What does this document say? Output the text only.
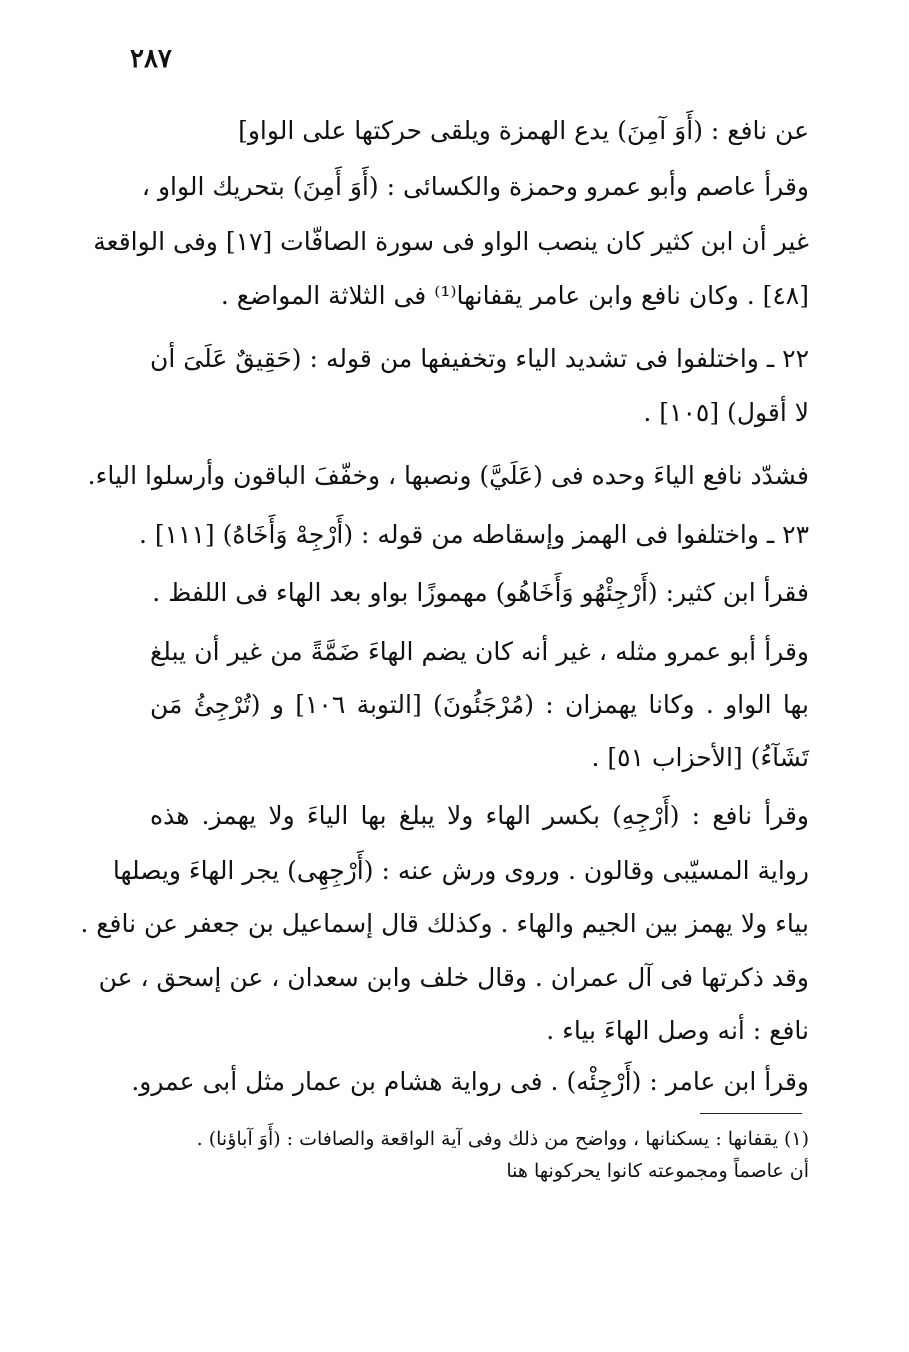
٢٨٧
عن نافع : (أَوَ آمِنَ) يدع الهمزة ويلقى حركتها على الواو]
وقرأ عاصم وأبو عمرو وحمزة والكسائى : (أَوَ أَمِنَ) بتحريك الواو ،
غير أن ابن كثير كان ينصب الواو فى سورة الصافّات [١٧] وفى الواقعة
[٤٨] . وكان نافع وابن عامر يقفانها⁽¹⁾ فى الثلاثة المواضع .
٢٢ ـ واختلفوا فى تشديد الياء وتخفيفها من قوله : (حَقِيقٌ عَلَىَ أن
لا أقول) [١٠٥] .
فشدّد نافع الياءَ وحده فى (عَلَيَّ) ونصبها ، وخفّفَ الباقون وأرسلوا الياء.
٢٣ ـ واختلفوا فى الهمز وإسقاطه من قوله : (أَرْجِهْ وَأَخَاهُ) [١١١] .
فقرأ ابن كثير: (أَرْجِئْهُو وَأَخَاهُو) مهموزًا بواو بعد الهاء فى اللفظ .
وقرأ أبو عمرو مثله ، غير أنه كان يضم الهاءَ ضَمَّةً من غير أن يبلغ
بها الواو . وكانا يهمزان : (مُرْجَئُونَ) [التوبة ١٠٦] و (تُرْجِئُ مَن
تَشَآءُ) [الأحزاب ٥١] .
وقرأ نافع : (أَرْجِهِ) بكسر الهاء ولا يبلغ بها الياءَ ولا يهمز. هذه
رواية المسيّبى وقالون . وروى ورش عنه : (أَرْجِهِى) يجر الهاءَ ويصلها
بياء ولا يهمز بين الجيم والهاء . وكذلك قال إسماعيل بن جعفر عن نافع .
وقد ذكرتها فى آل عمران . وقال خلف وابن سعدان ، عن إسحق ، عن
نافع : أنه وصل الهاءَ بياء .
وقرأ ابن عامر : (أَرْجِئْه) . فى رواية هشام بن عمار مثل أبى عمرو.
(١) يقفانها : يسكنانها ، وواضح من ذلك وفى آية الواقعة والصافات : (أَوَ آباؤنا) .
أن عاصماً ومجموعته كانوا يحركونها هنا
